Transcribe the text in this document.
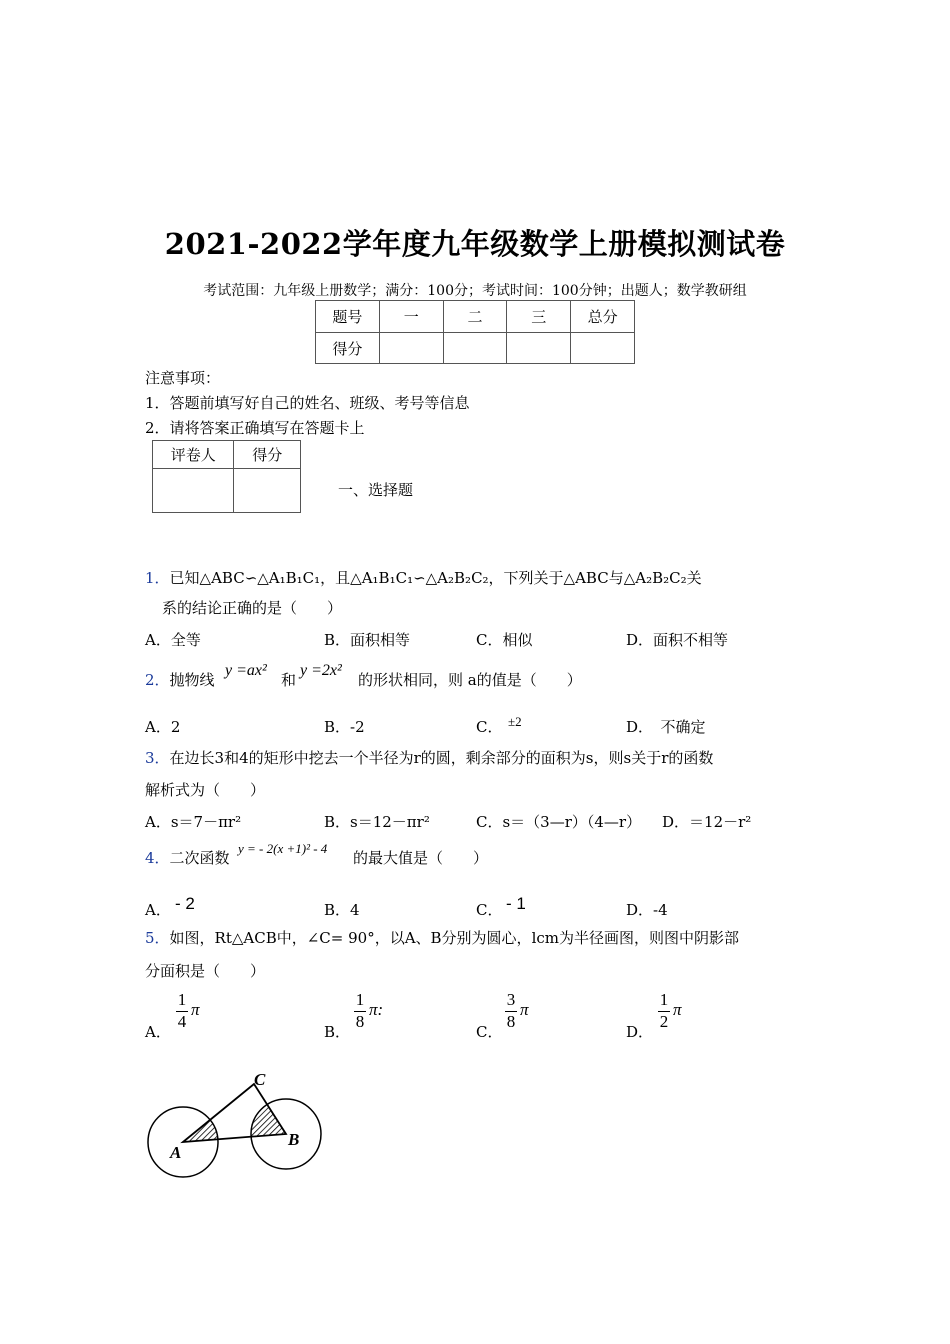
2021-2022学年度九年级数学上册模拟测试卷
考试范围：九年级上册数学；满分：100分；考试时间：100分钟；出题人；数学教研组
题号	一	二	三	总分
得分				
注意事项：
1．答题前填写好自己的姓名、班级、考号等信息
2．请将答案正确填写在答题卡上
评卷人	得分

一、选择题
1．已知△ABC∽△A₁B₁C₁，且△A₁B₁C₁∽△A₂B₂C₂，下列关于△ABC与△A₂B₂C₂关
系的结论正确的是（　　）
A．全等	B．面积相等	C．相似	D．面积不相等
2．抛物线
y =ax²
和
y =2x²
的形状相同，则 a的值是（　　）
A．2	B．-2	C． ±2	D．　不确定
3．在边长3和4的矩形中挖去一个半径为r的圆，剩余部分的面积为s，则s关于r的函数
解析式为（　　）
A．s＝7－πr²	B．s＝12－πr²	C．s＝（3—r）（4—r） D．＝12－r²
4．二次函数
y = - 2(x +1)² - 4
的最大值是（　　）
A． - 2	B．4	C． - 1	D．-4
5．如图，Rt△ACB中，∠C= 90°，以A、B分别为圆心，lcm为半径画图，则图中阴影部
分面积是（　　）
A．
1
4
π
B．
1
8
π:
C．
3
8
π
D．
1
2
π
A
B
C
